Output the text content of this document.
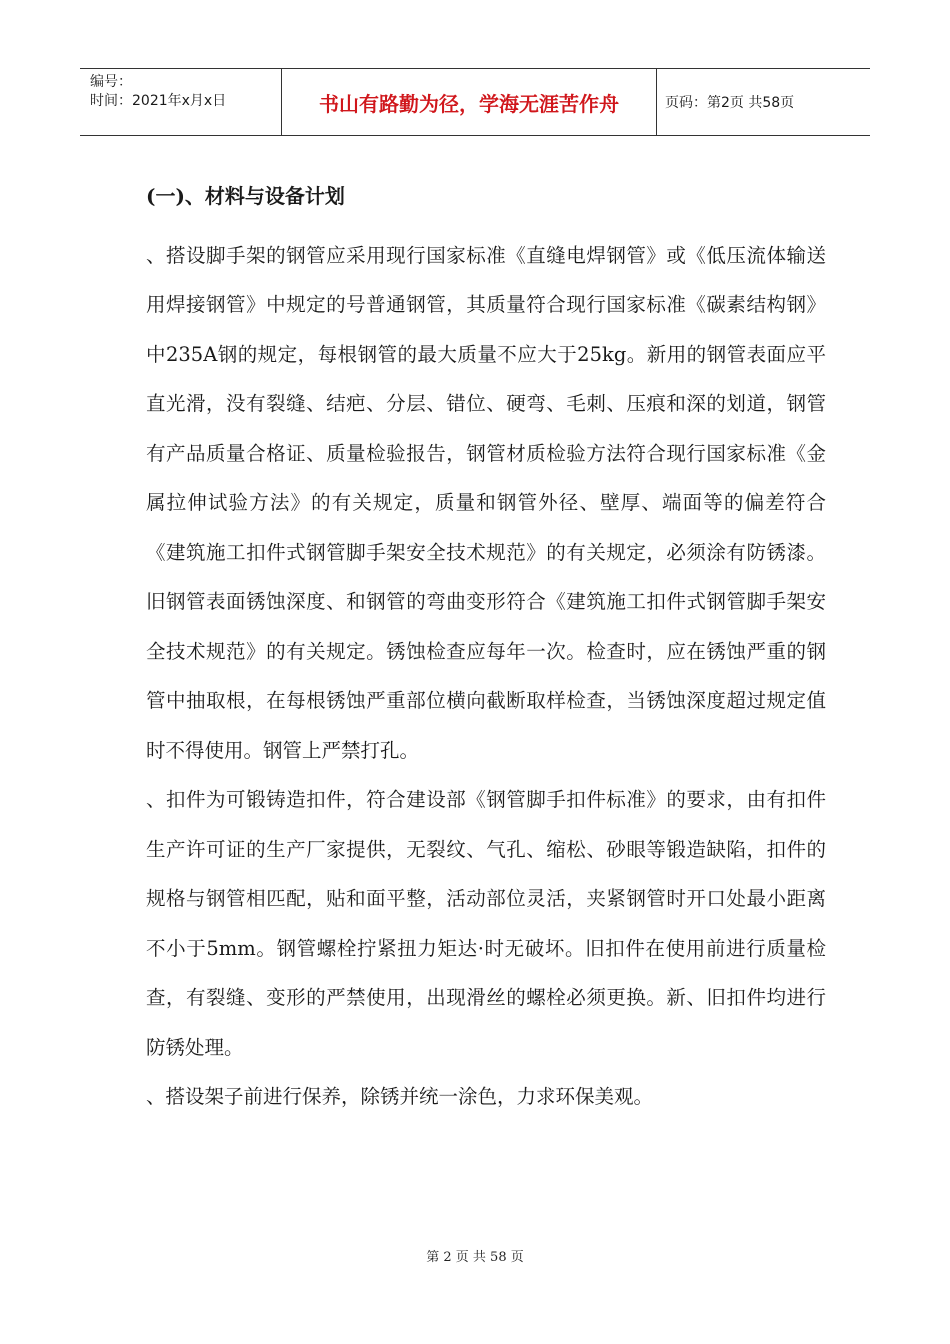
编号：
时间：2021年x月x日	书山有路勤为径，学海无涯苦作舟	页码：第2页 共58页
(一)、材料与设备计划

、搭设脚手架的钢管应采用现行国家标准《直缝电焊钢管》或《低压流体输送用焊接钢管》中规定的号普通钢管，其质量符合现行国家标准《碳素结构钢》中235A钢的规定，每根钢管的最大质量不应大于25kg。新用的钢管表面应平直光滑，没有裂缝、结疤、分层、错位、硬弯、毛刺、压痕和深的划道，钢管有产品质量合格证、质量检验报告，钢管材质检验方法符合现行国家标准《金属拉伸试验方法》的有关规定，质量和钢管外径、壁厚、端面等的偏差符合《建筑施工扣件式钢管脚手架安全技术规范》的有关规定，必须涂有防锈漆。旧钢管表面锈蚀深度、和钢管的弯曲变形符合《建筑施工扣件式钢管脚手架安全技术规范》的有关规定。锈蚀检查应每年一次。检查时，应在锈蚀严重的钢管中抽取根，在每根锈蚀严重部位横向截断取样检查，当锈蚀深度超过规定值时不得使用。钢管上严禁打孔。

、扣件为可锻铸造扣件，符合建设部《钢管脚手扣件标准》的要求，由有扣件生产许可证的生产厂家提供，无裂纹、气孔、缩松、砂眼等锻造缺陷，扣件的规格与钢管相匹配，贴和面平整，活动部位灵活，夹紧钢管时开口处最小距离不小于5mm。钢管螺栓拧紧扭力矩达·时无破坏。旧扣件在使用前进行质量检查，有裂缝、变形的严禁使用，出现滑丝的螺栓必须更换。新、旧扣件均进行防锈处理。

、搭设架子前进行保养，除锈并统一涂色，力求环保美观。

第 2 页 共 58 页
